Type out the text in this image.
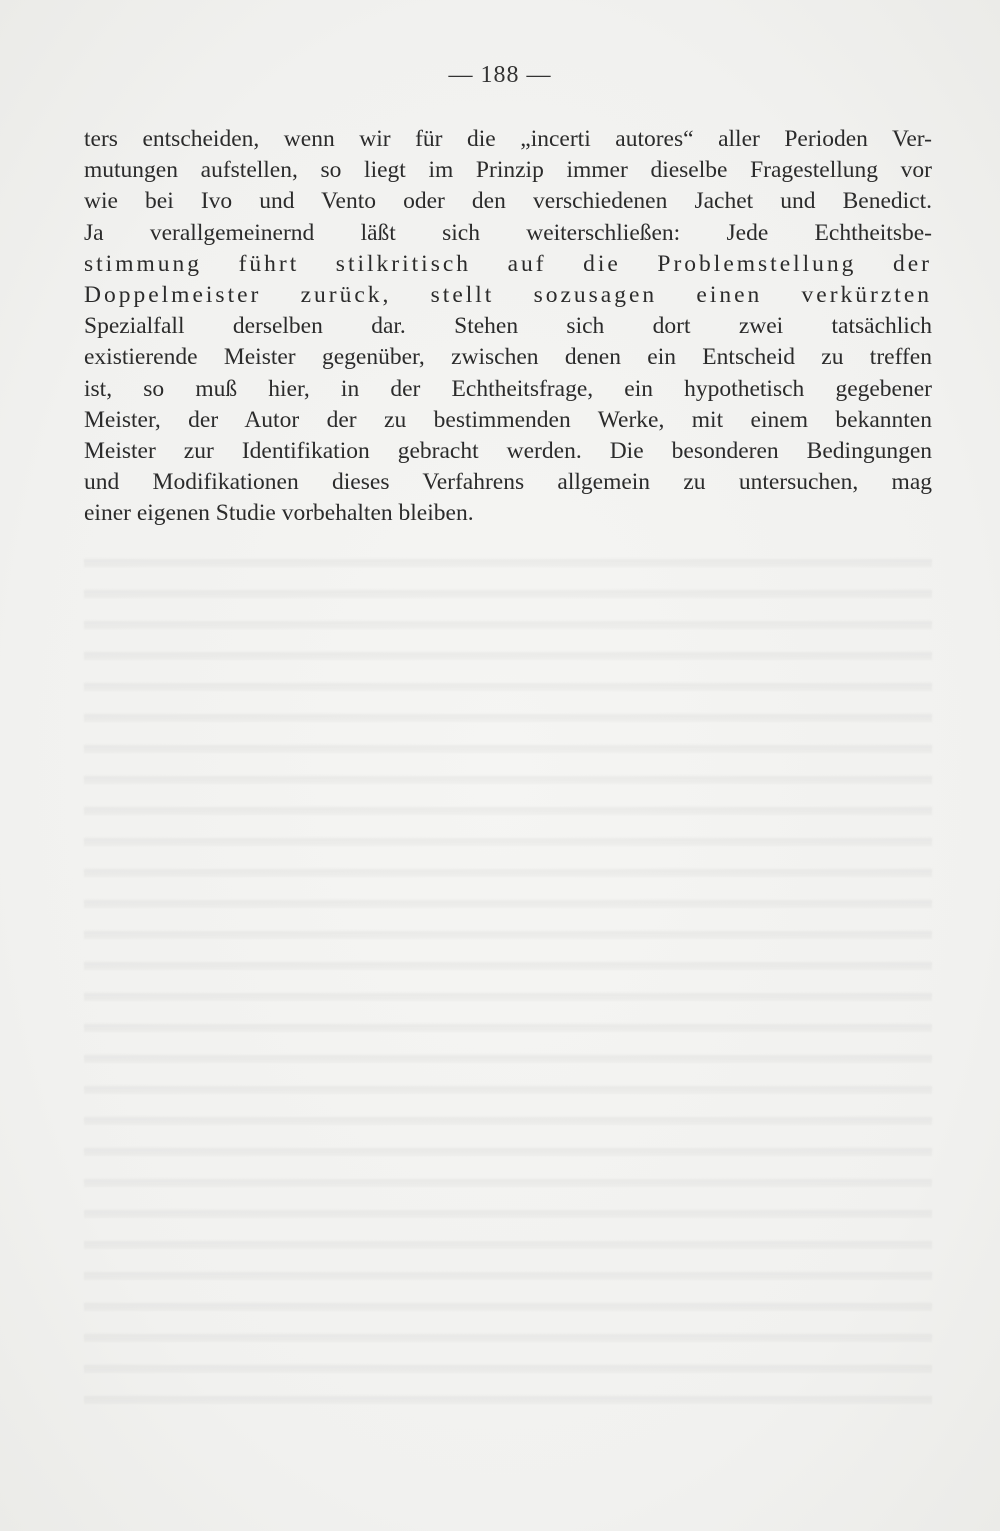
— 188 —
ters entscheiden, wenn wir für die „incerti autores“ aller Perioden Ver-
mutungen aufstellen, so liegt im Prinzip immer dieselbe Fragestellung vor
wie bei Ivo und Vento oder den verschiedenen Jachet und Benedict.
Ja verallgemeinernd läßt sich weiterschließen: Jede Echtheitsbe-
stimmung führt stilkritisch auf die Problemstellung der
Doppelmeister zurück, stellt sozusagen einen verkürzten
Spezialfall derselben dar. Stehen sich dort zwei tatsächlich
existierende Meister gegenüber, zwischen denen ein Entscheid zu treffen
ist, so muß hier, in der Echtheitsfrage, ein hypothetisch gegebener
Meister, der Autor der zu bestimmenden Werke, mit einem bekannten
Meister zur Identifikation gebracht werden. Die besonderen Bedingungen
und Modifikationen dieses Verfahrens allgemein zu untersuchen, mag
einer eigenen Studie vorbehalten bleiben.
